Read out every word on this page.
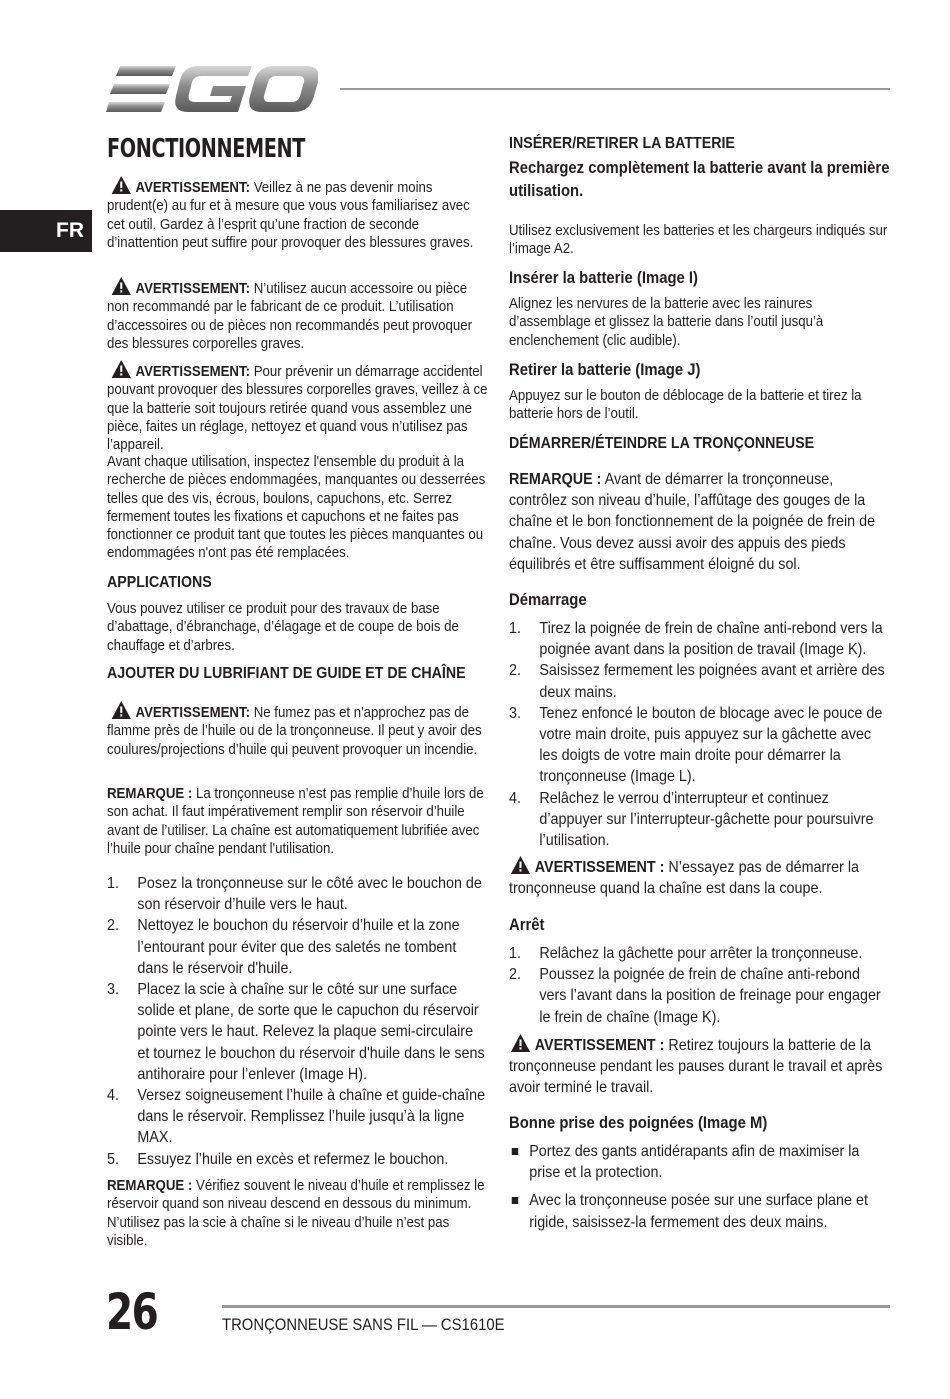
FR
FONCTIONNEMENT

AVERTISSEMENT: Veillez à ne pas devenir moins prudent(e) au fur et à mesure que vous vous familiarisez avec cet outil. Gardez à l’esprit qu’une fraction de seconde d’inattention peut suffire pour provoquer des blessures graves.

AVERTISSEMENT: N’utilisez aucun accessoire ou pièce non recommandé par le fabricant de ce produit. L’utilisation d’accessoires ou de pièces non recommandés peut provoquer des blessures corporelles graves.

AVERTISSEMENT: Pour prévenir un démarrage accidentel pouvant provoquer des blessures corporelles graves, veillez à ce que la batterie soit toujours retirée quand vous assemblez une pièce, faites un réglage, nettoyez et quand vous n’utilisez pas l’appareil.

Avant chaque utilisation, inspectez l'ensemble du produit à la recherche de pièces endommagées, manquantes ou desserrées telles que des vis, écrous, boulons, capuchons, etc. Serrez fermement toutes les fixations et capuchons et ne faites pas fonctionner ce produit tant que toutes les pièces manquantes ou endommagées n'ont pas été remplacées.

APPLICATIONS

Vous pouvez utiliser ce produit pour des travaux de base d’abattage, d’ébranchage, d’élagage et de coupe de bois de chauffage et d’arbres.

AJOUTER DU LUBRIFIANT DE GUIDE ET DE CHAÎNE

AVERTISSEMENT: Ne fumez pas et n'approchez pas de flamme près de l’huile ou de la tronçonneuse. Il peut y avoir des coulures/projections d’huile qui peuvent provoquer un incendie.

REMARQUE : La tronçonneuse n’est pas remplie d’huile lors de son achat. Il faut impérativement remplir son réservoir d’huile avant de l’utiliser. La chaîne est automatiquement lubrifiée avec l’huile pour chaîne pendant l'utilisation.

1. Posez la tronçonneuse sur le côté avec le bouchon de son réservoir d’huile vers le haut.
2. Nettoyez le bouchon du réservoir d’huile et la zone l’entourant pour éviter que des saletés ne tombent dans le réservoir d'huile.
3. Placez la scie à chaîne sur le côté sur une surface solide et plane, de sorte que le capuchon du réservoir pointe vers le haut. Relevez la plaque semi-circulaire et tournez le bouchon du réservoir d'huile dans le sens antihoraire pour l’enlever (Image H).
4. Versez soigneusement l’huile à chaîne et guide-chaîne dans le réservoir. Remplissez l’huile jusqu’à la ligne MAX.
5. Essuyez l’huile en excès et refermez le bouchon.

REMARQUE : Vérifiez souvent le niveau d’huile et remplissez le réservoir quand son niveau descend en dessous du minimum. N’utilisez pas la scie à chaîne si le niveau d’huile n’est pas visible.

INSÉRER/RETIRER LA BATTERIE

Rechargez complètement la batterie avant la première utilisation.

Utilisez exclusivement les batteries et les chargeurs indiqués sur l’image A2.

Insérer la batterie (Image I)

Alignez les nervures de la batterie avec les rainures d’assemblage et glissez la batterie dans l’outil jusqu’à enclenchement (clic audible).

Retirer la batterie (Image J)

Appuyez sur le bouton de déblocage de la batterie et tirez la batterie hors de l’outil.

DÉMARRER/ÉTEINDRE LA TRONÇONNEUSE

REMARQUE : Avant de démarrer la tronçonneuse, contrôlez son niveau d’huile, l’affûtage des gouges de la chaîne et le bon fonctionnement de la poignée de frein de chaîne. Vous devez aussi avoir des appuis des pieds équilibrés et être suffisamment éloigné du sol.

Démarrage
1. Tirez la poignée de frein de chaîne anti-rebond vers la poignée avant dans la position de travail (Image K).
2. Saisissez fermement les poignées avant et arrière des deux mains.
3. Tenez enfoncé le bouton de blocage avec le pouce de votre main droite, puis appuyez sur la gâchette avec les doigts de votre main droite pour démarrer la tronçonneuse (Image L).
4. Relâchez le verrou d’interrupteur et continuez d’appuyer sur l’interrupteur-gâchette pour poursuivre l’utilisation.

AVERTISSEMENT : N’essayez pas de démarrer la tronçonneuse quand la chaîne est dans la coupe.

Arrêt
1. Relâchez la gâchette pour arrêter la tronçonneuse.
2. Poussez la poignée de frein de chaîne anti-rebond vers l’avant dans la position de freinage pour engager le frein de chaîne (Image K).

AVERTISSEMENT : Retirez toujours la batterie de la tronçonneuse pendant les pauses durant le travail et après avoir terminé le travail.

Bonne prise des poignées (Image M)
Portez des gants antidérapants afin de maximiser la prise et la protection.
Avec la tronçonneuse posée sur une surface plane et rigide, saisissez-la fermement des deux mains.
26	TRONÇONNEUSE SANS FIL — CS1610E
